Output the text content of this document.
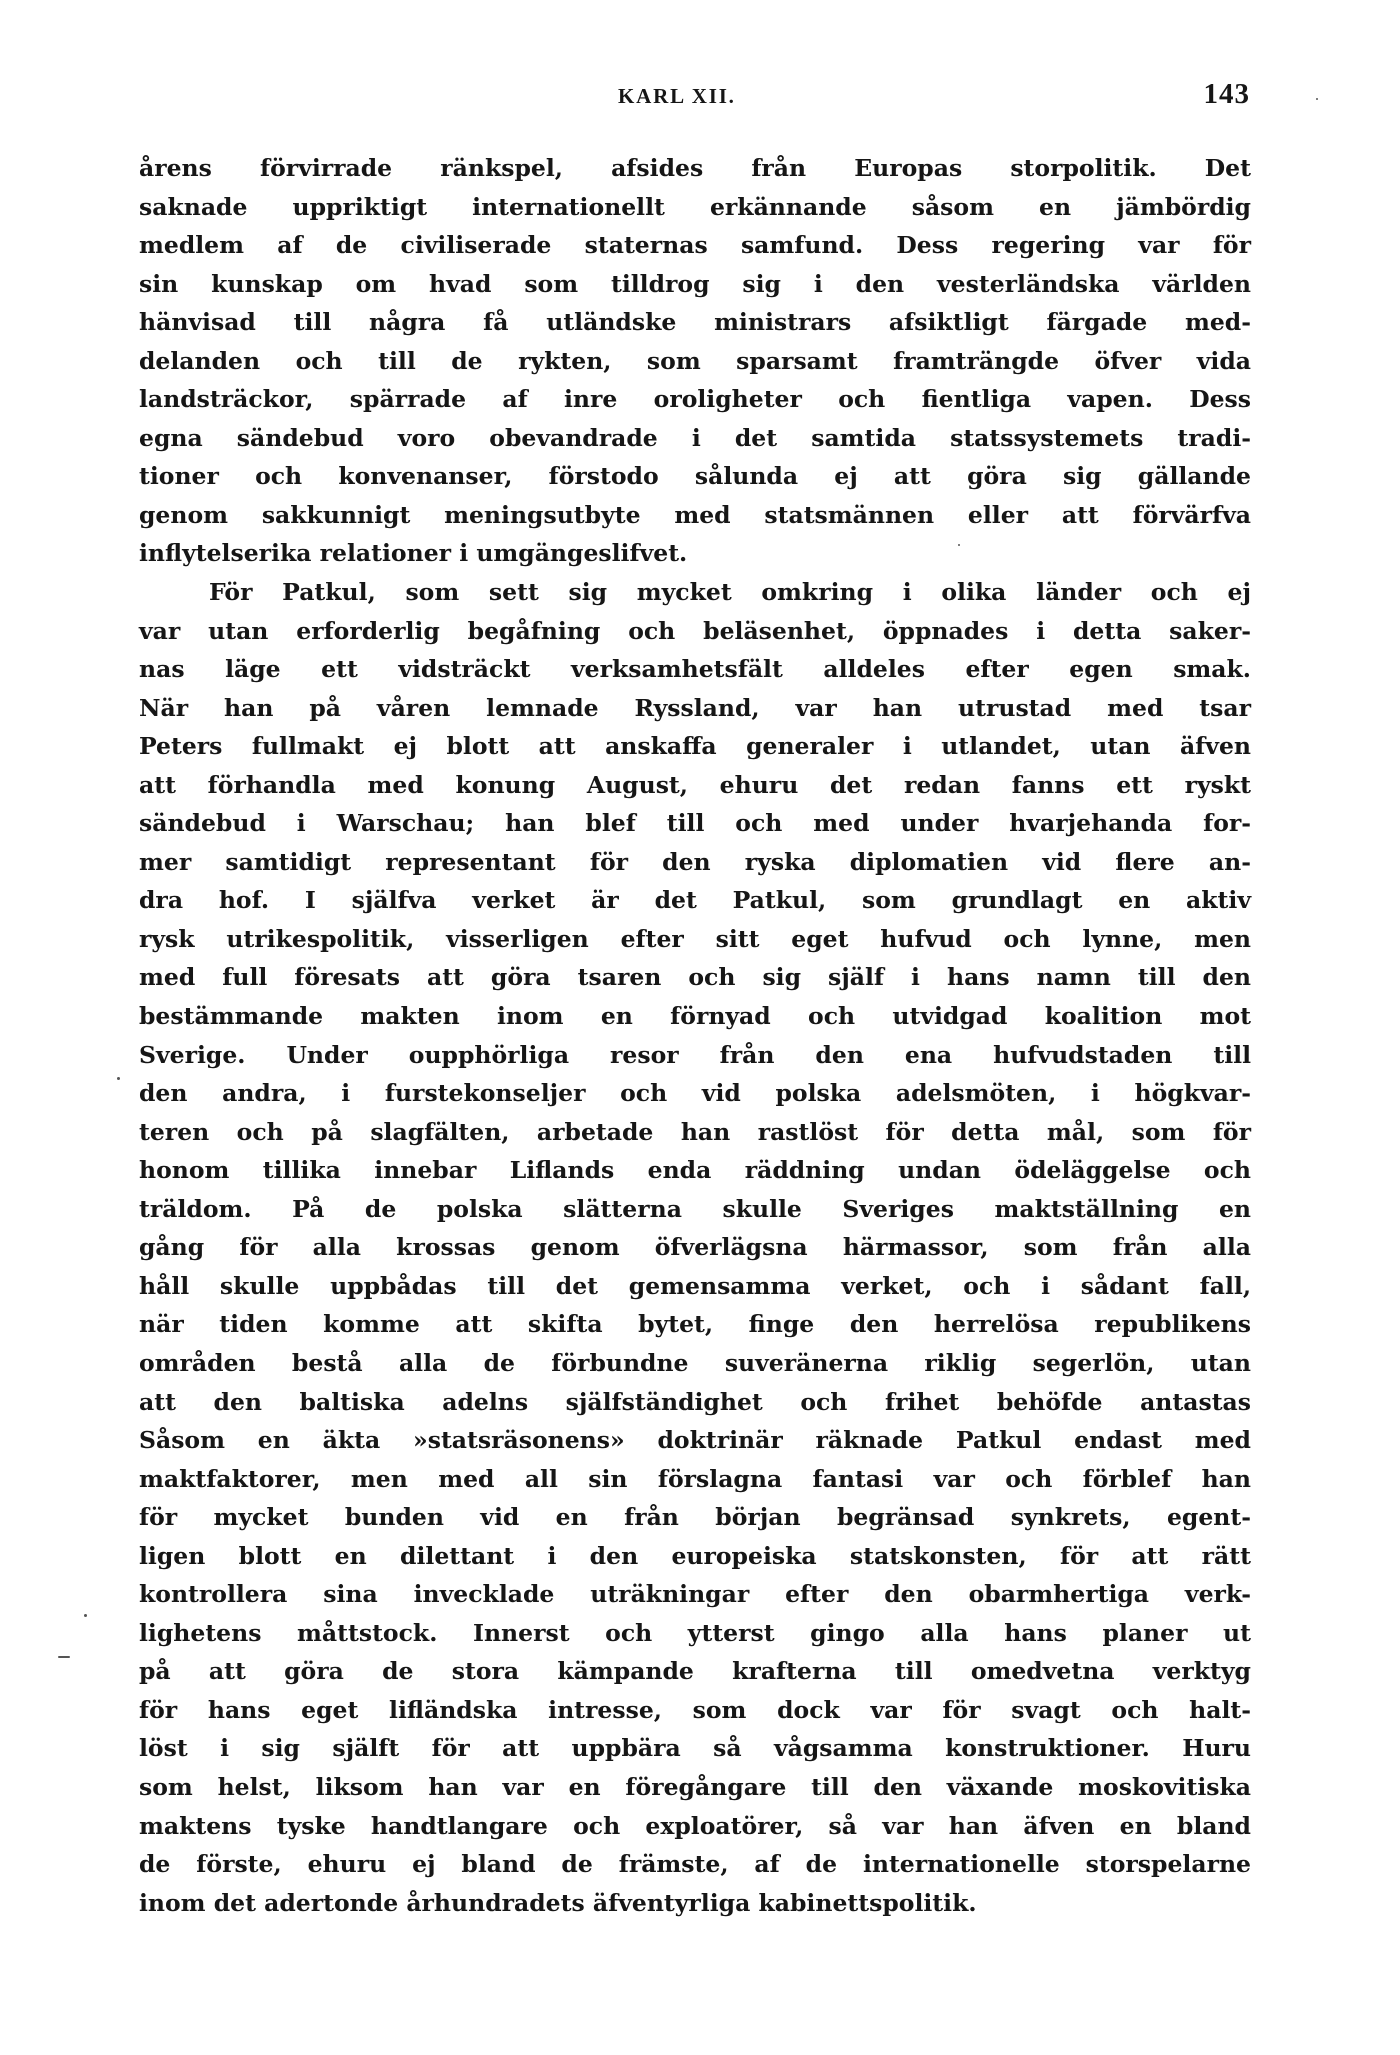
KARL XII.	143
årens förvirrade ränkspel, afsides från Europas storpolitik. Det
saknade uppriktigt internationellt erkännande såsom en jämbördig
medlem af de civiliserade staternas samfund. Dess regering var för
sin kunskap om hvad som tilldrog sig i den vesterländska världen
hänvisad till några få utländske ministrars afsiktligt färgade med-
delanden och till de rykten, som sparsamt framträngde öfver vida
landsträckor, spärrade af inre oroligheter och fientliga vapen. Dess
egna sändebud voro obevandrade i det samtida statssystemets tradi-
tioner och konvenanser, förstodo sålunda ej att göra sig gällande
genom sakkunnigt meningsutbyte med statsmännen eller att förvärfva
inflytelserika relationer i umgängeslifvet.
För Patkul, som sett sig mycket omkring i olika länder och ej
var utan erforderlig begåfning och beläsenhet, öppnades i detta saker-
nas läge ett vidsträckt verksamhetsfält alldeles efter egen smak.
När han på våren lemnade Ryssland, var han utrustad med tsar
Peters fullmakt ej blott att anskaffa generaler i utlandet, utan äfven
att förhandla med konung August, ehuru det redan fanns ett ryskt
sändebud i Warschau; han blef till och med under hvarjehanda for-
mer samtidigt representant för den ryska diplomatien vid flere an-
dra hof. I själfva verket är det Patkul, som grundlagt en aktiv
rysk utrikespolitik, visserligen efter sitt eget hufvud och lynne, men
med full föresats att göra tsaren och sig själf i hans namn till den
bestämmande makten inom en förnyad och utvidgad koalition mot
Sverige. Under oupphörliga resor från den ena hufvudstaden till
den andra, i furstekonseljer och vid polska adelsmöten, i högkvar-
teren och på slagfälten, arbetade han rastlöst för detta mål, som för
honom tillika innebar Liflands enda räddning undan ödeläggelse och
träldom. På de polska slätterna skulle Sveriges maktställning en
gång för alla krossas genom öfverlägsna härmassor, som från alla
håll skulle uppbådas till det gemensamma verket, och i sådant fall,
när tiden komme att skifta bytet, finge den herrelösa republikens
områden bestå alla de förbundne suveränerna riklig segerlön, utan
att den baltiska adelns själfständighet och frihet behöfde antastas
Såsom en äkta »statsräsonens» doktrinär räknade Patkul endast med
maktfaktorer, men med all sin förslagna fantasi var och förblef han
för mycket bunden vid en från början begränsad synkrets, egent-
ligen blott en dilettant i den europeiska statskonsten, för att rätt
kontrollera sina invecklade uträkningar efter den obarmhertiga verk-
lighetens måttstock. Innerst och ytterst gingo alla hans planer ut
på att göra de stora kämpande krafterna till omedvetna verktyg
för hans eget lifländska intresse, som dock var för svagt och halt-
löst i sig själft för att uppbära så vågsamma konstruktioner. Huru
som helst, liksom han var en föregångare till den växande moskovitiska
maktens tyske handtlangare och exploatörer, så var han äfven en bland
de förste, ehuru ej bland de främste, af de internationelle storspelarne
inom det adertonde århundradets äfventyrliga kabinettspolitik.
